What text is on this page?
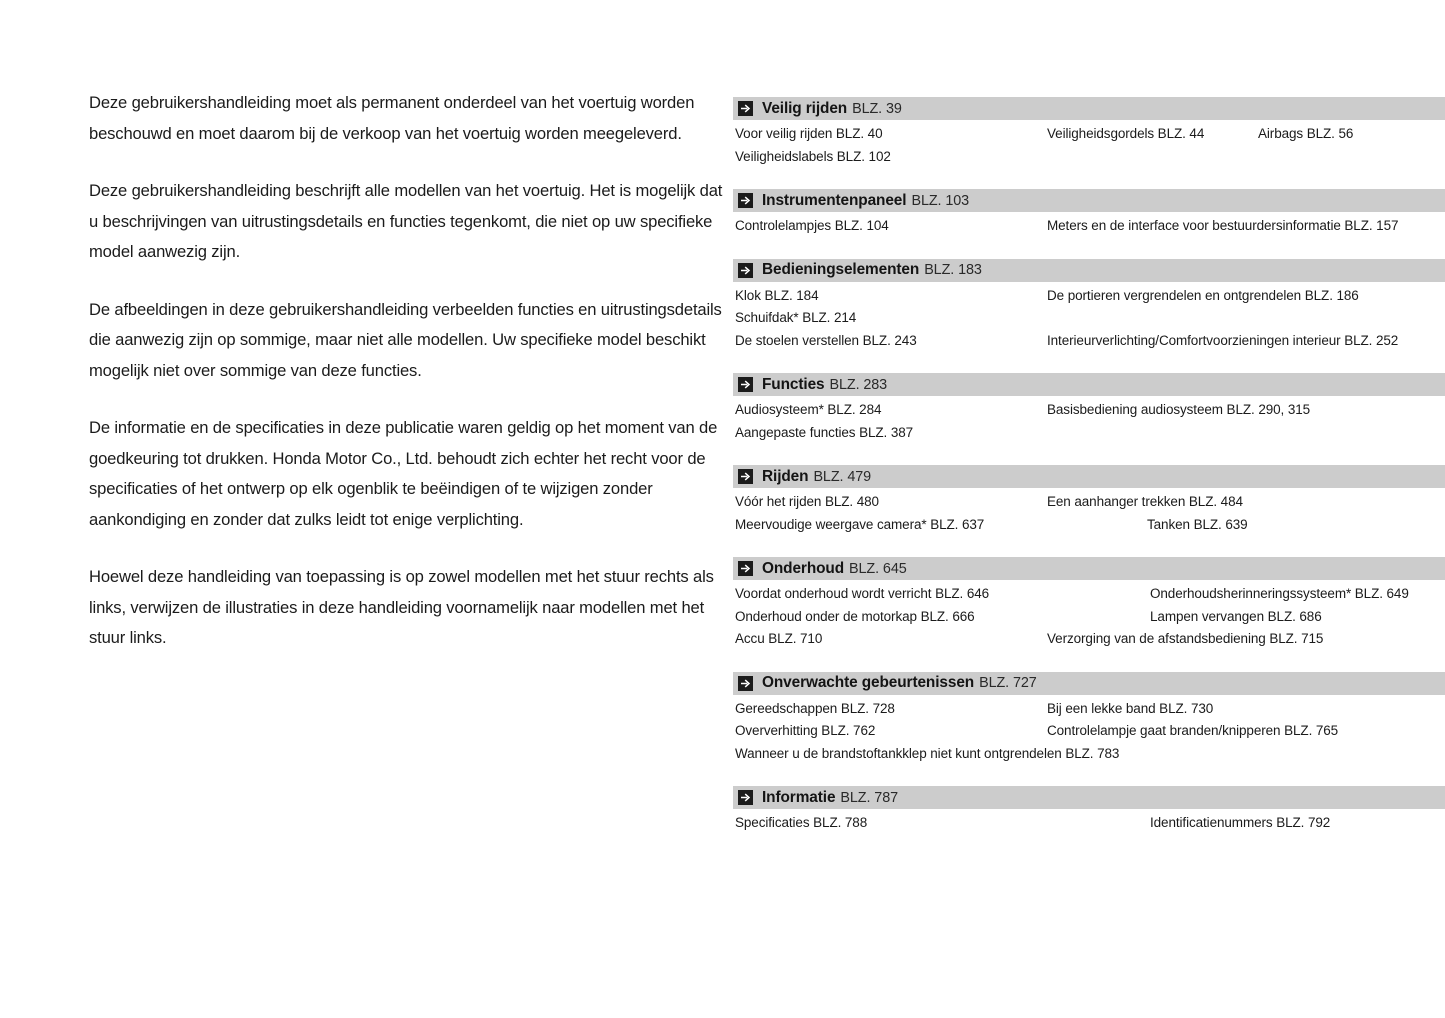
Deze gebruikershandleiding moet als permanent onderdeel van het voertuig worden beschouwd en moet daarom bij de verkoop van het voertuig worden meegeleverd.

Deze gebruikershandleiding beschrijft alle modellen van het voertuig. Het is mogelijk dat u beschrijvingen van uitrustingsdetails en functies tegenkomt, die niet op uw specifieke model aanwezig zijn.

De afbeeldingen in deze gebruikershandleiding verbeelden functies en uitrustingsdetails die aanwezig zijn op sommige, maar niet alle modellen. Uw specifieke model beschikt mogelijk niet over sommige van deze functies.

De informatie en de specificaties in deze publicatie waren geldig op het moment van de goedkeuring tot drukken. Honda Motor Co., Ltd. behoudt zich echter het recht voor de specificaties of het ontwerp op elk ogenblik te beëindigen of te wijzigen zonder aankondiging en zonder dat zulks leidt tot enige verplichting.

Hoewel deze handleiding van toepassing is op zowel modellen met het stuur rechts als links, verwijzen de illustraties in deze handleiding voornamelijk naar modellen met het stuur links.

Veilig rijden BLZ. 39
Voor veilig rijden BLZ. 40	Veiligheidsgordels BLZ. 44	Airbags BLZ. 56
Veiligheidslabels BLZ. 102
Instrumentenpaneel BLZ. 103
Controlelampjes BLZ. 104	Meters en de interface voor bestuurdersinformatie BLZ. 157
Bedieningselementen BLZ. 183
Klok BLZ. 184	De portieren vergrendelen en ontgrendelen BLZ. 186
Schuifdak* BLZ. 214
De stoelen verstellen BLZ. 243	Interieurverlichting/Comfortvoorzieningen interieur BLZ. 252
Functies BLZ. 283
Audiosysteem* BLZ. 284	Basisbediening audiosysteem BLZ. 290, 315
Aangepaste functies BLZ. 387
Rijden BLZ. 479
Vóór het rijden BLZ. 480	Een aanhanger trekken BLZ. 484
Meervoudige weergave camera* BLZ. 637	Tanken BLZ. 639
Onderhoud BLZ. 645
Voordat onderhoud wordt verricht BLZ. 646	Onderhoudsherinneringssysteem* BLZ. 649
Onderhoud onder de motorkap BLZ. 666	Lampen vervangen BLZ. 686
Accu BLZ. 710	Verzorging van de afstandsbediening BLZ. 715
Onverwachte gebeurtenissen BLZ. 727
Gereedschappen BLZ. 728	Bij een lekke band BLZ. 730
Oververhitting BLZ. 762	Controlelampje gaat branden/knipperen BLZ. 765
Wanneer u de brandstoftankklep niet kunt ontgrendelen BLZ. 783
Informatie BLZ. 787
Specificaties BLZ. 788	Identificatienummers BLZ. 792
